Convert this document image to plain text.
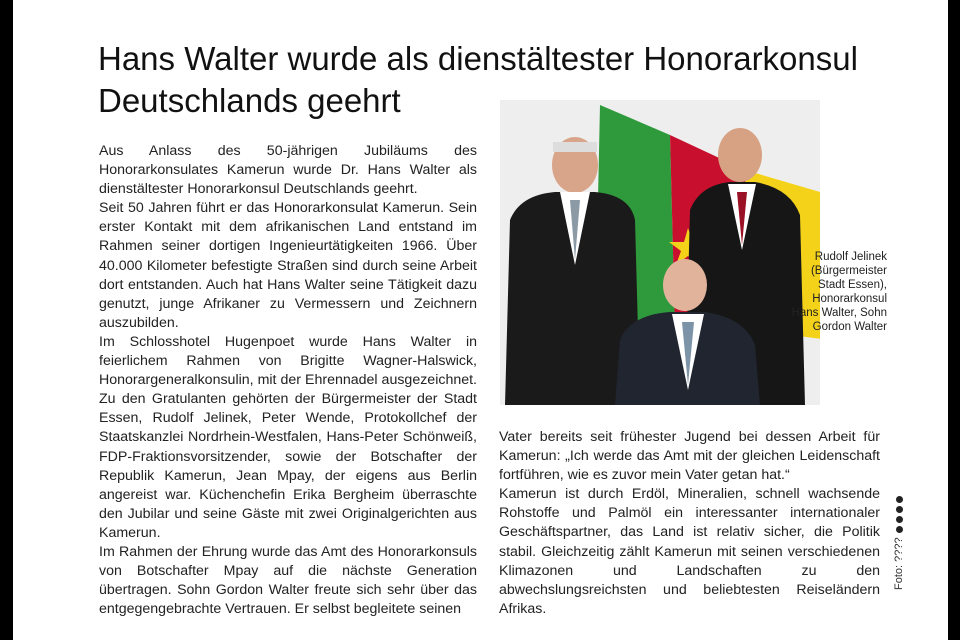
Hans Walter wurde als dienstältester Honorarkonsul Deutschlands geehrt

Aus Anlass des 50-jährigen Jubiläums des Honorarkonsulates Kamerun wurde Dr. Hans Walter als dienstältester Honorarkonsul Deutschlands geehrt.

Seit 50 Jahren führt er das Honorarkonsulat Kamerun. Sein erster Kontakt mit dem afrikanischen Land entstand im Rahmen seiner dortigen Ingenieurtätigkeiten 1966. Über 40.000 Kilometer befestigte Straßen sind durch seine Arbeit dort entstanden. Auch hat Hans Walter seine Tätigkeit dazu genutzt, junge Afrikaner zu Vermessern und Zeichnern auszubilden.

Im Schlosshotel Hugenpoet wurde Hans Walter in feierlichem Rahmen von Brigitte Wagner-Halswick, Honorargeneralkonsulin, mit der Ehrennadel ausgezeichnet. Zu den Gratulanten gehörten der Bürgermeister der Stadt Essen, Rudolf Jelinek, Peter Wende, Protokollchef der Staatskanzlei Nordrhein-Westfalen, Hans-Peter Schönweiß, FDP-Fraktionsvorsitzender, sowie der Botschafter der Republik Kamerun, Jean Mpay, der eigens aus Berlin angereist war. Küchenchefin Erika Bergheim überraschte den Jubilar und seine Gäste mit zwei Originalgerichten aus Kamerun.

Im Rahmen der Ehrung wurde das Amt des Honorarkonsuls von Botschafter Mpay auf die nächste Generation übertragen. Sohn Gordon Walter freute sich sehr über das entgegengebrachte Vertrauen. Er selbst begleitete seinen

Rudolf Jelinek (Bürgermeister Stadt Essen), Honorarkonsul Hans Walter, Sohn Gordon Walter

Vater bereits seit frühester Jugend bei dessen Arbeit für Kamerun: „Ich werde das Amt mit der gleichen Leidenschaft fortführen, wie es zuvor mein Vater getan hat.“

Kamerun ist durch Erdöl, Mineralien, schnell wachsende Rohstoffe und Palmöl ein interessanter internationaler Geschäftspartner, das Land ist relativ sicher, die Politik stabil. Gleichzeitig zählt Kamerun mit seinen verschiedenen Klimazonen und Landschaften zu den abwechslungsreichsten und beliebtesten Reiseländern Afrikas.

Foto: ????
